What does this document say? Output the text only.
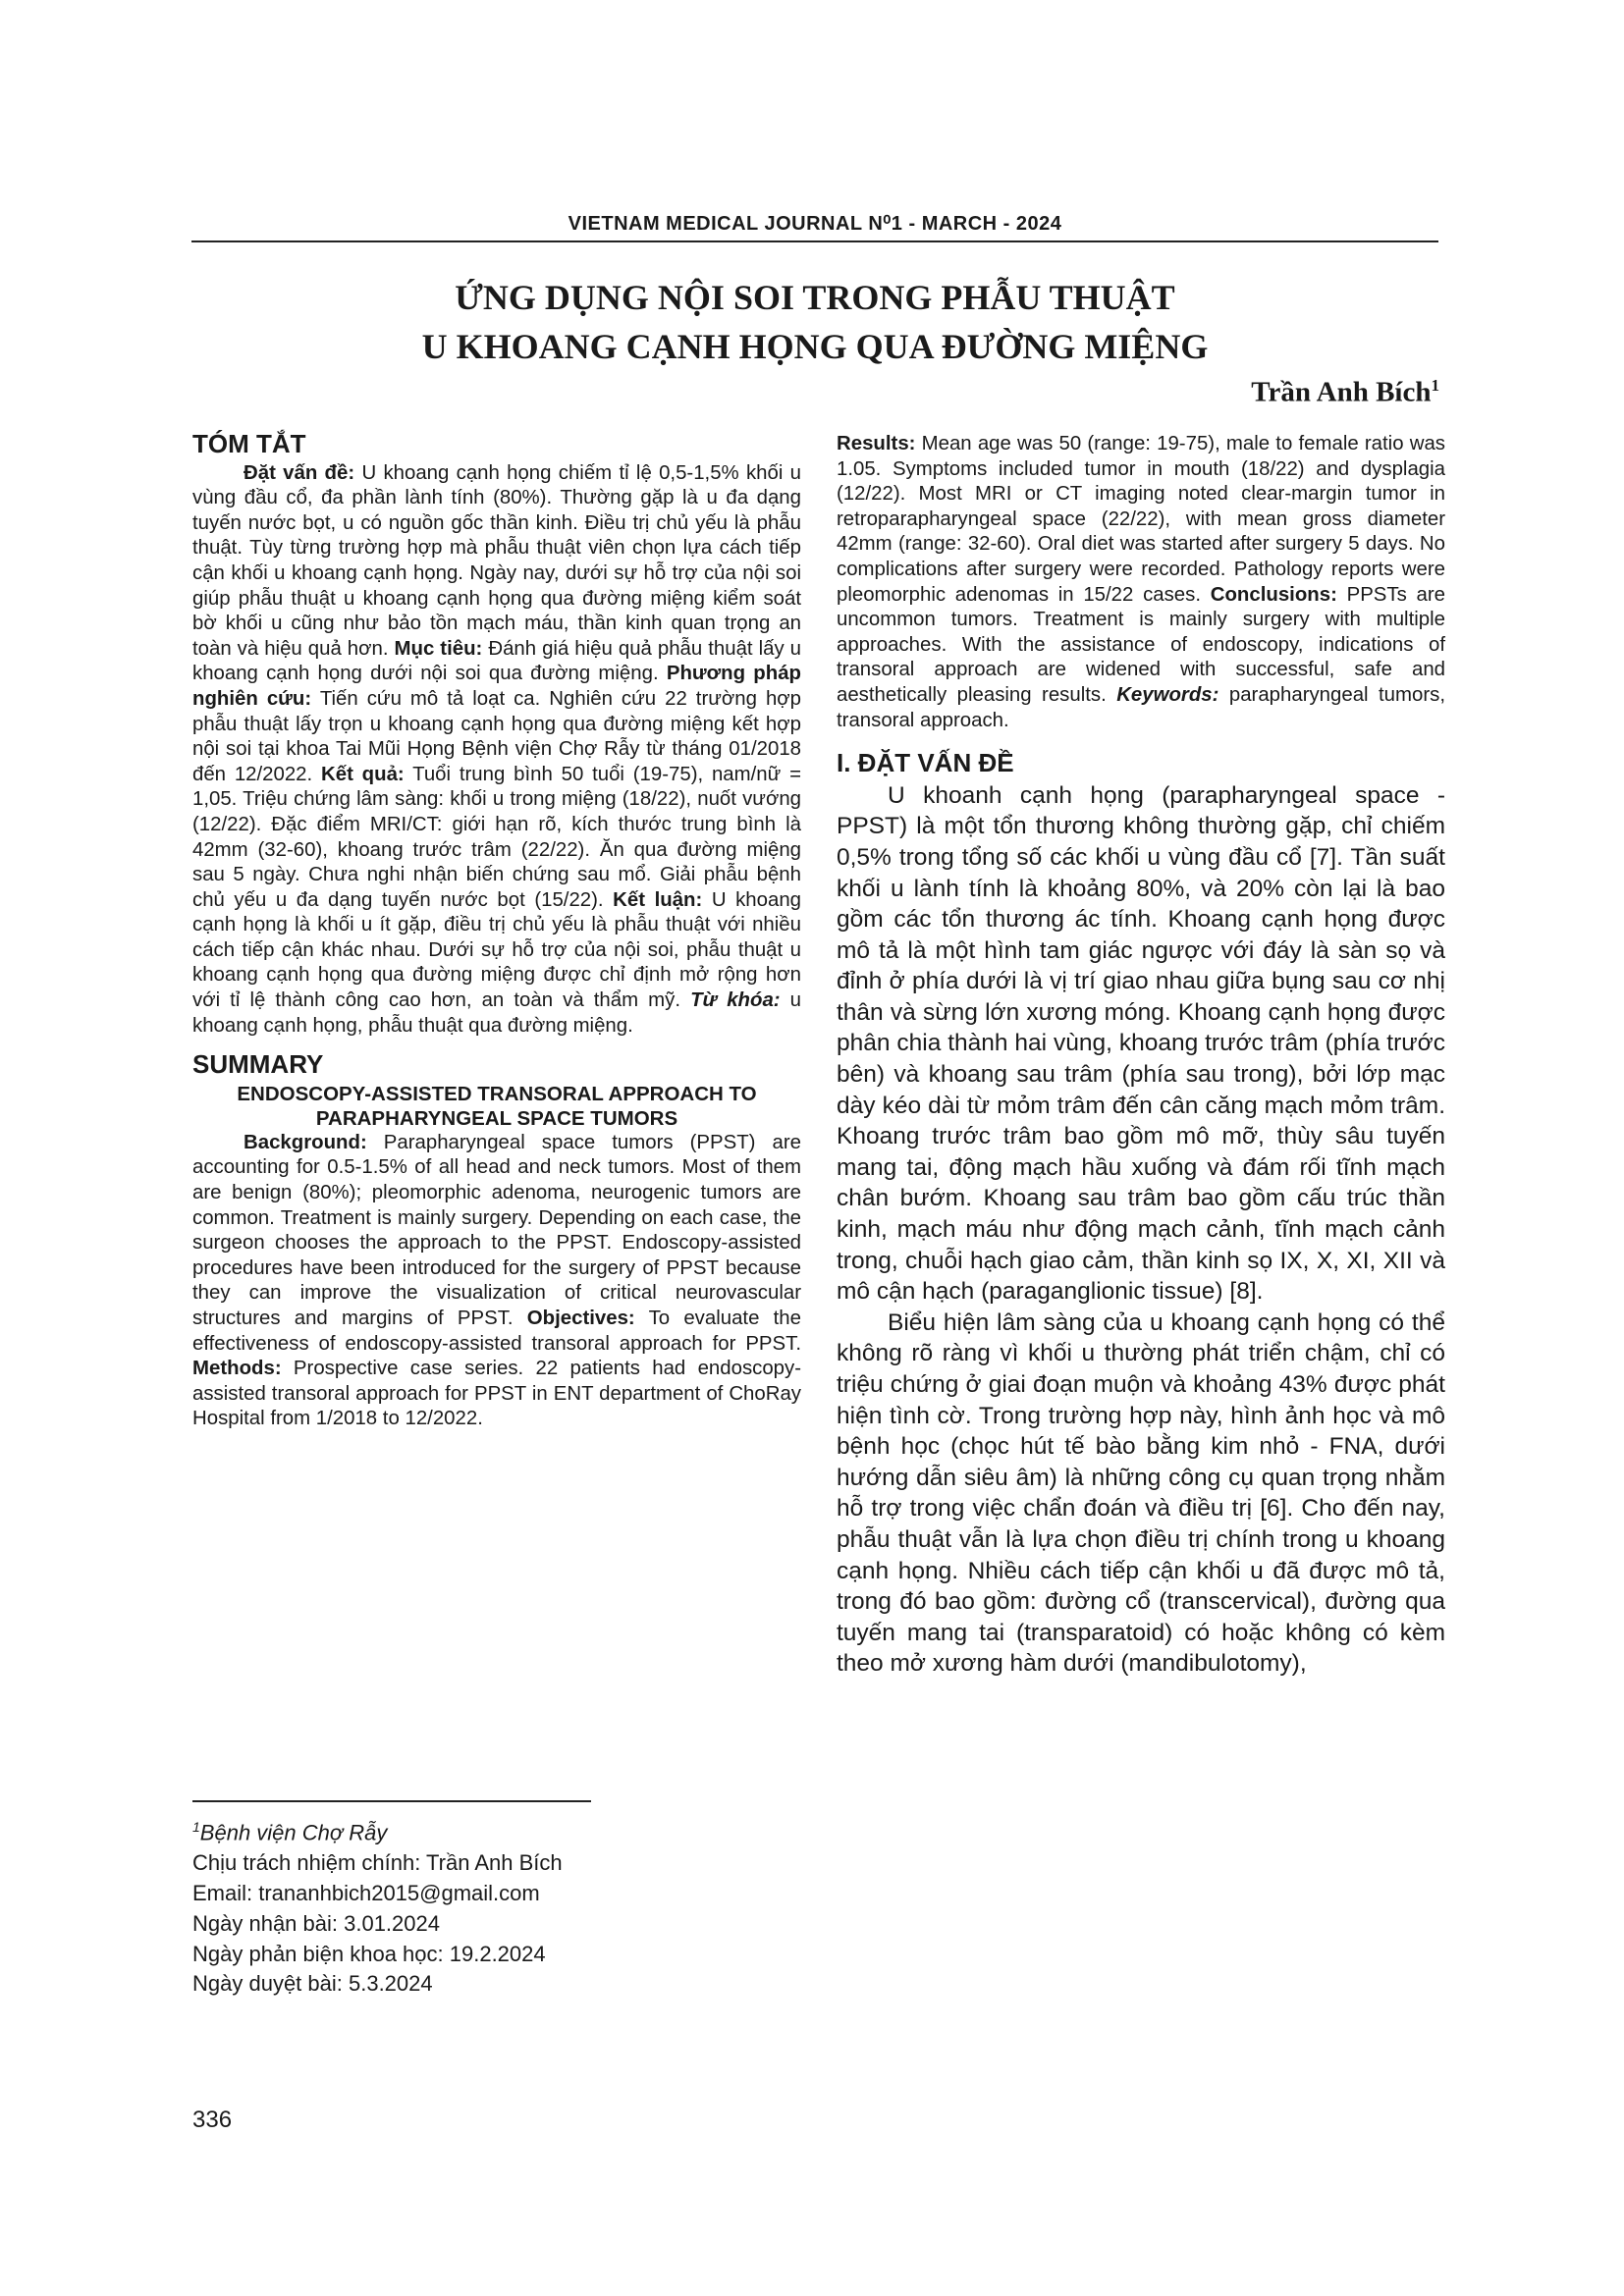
VIETNAM MEDICAL JOURNAL N⁰1 - MARCH - 2024
ỨNG DỤNG NỘI SOI TRONG PHẪU THUẬT
U KHOANG CẠNH HỌNG QUA ĐƯỜNG MIỆNG
Trần Anh Bích$^1$
TÓM TẮT

Đặt vấn đề: U khoang cạnh họng chiếm tỉ lệ 0,5-1,5% khối u vùng đầu cổ, đa phần lành tính (80%). Thường gặp là u đa dạng tuyến nước bọt, u có nguồn gốc thần kinh. Điều trị chủ yếu là phẫu thuật. Tùy từng trường hợp mà phẫu thuật viên chọn lựa cách tiếp cận khối u khoang cạnh họng. Ngày nay, dưới sự hỗ trợ của nội soi giúp phẫu thuật u khoang cạnh họng qua đường miệng kiểm soát bờ khối u cũng như bảo tồn mạch máu, thần kinh quan trọng an toàn và hiệu quả hơn. Mục tiêu: Đánh giá hiệu quả phẫu thuật lấy u khoang cạnh họng dưới nội soi qua đường miệng. Phương pháp nghiên cứu: Tiến cứu mô tả loạt ca. Nghiên cứu 22 trường hợp phẫu thuật lấy trọn u khoang cạnh họng qua đường miệng kết hợp nội soi tại khoa Tai Mũi Họng Bệnh viện Chợ Rẫy từ tháng 01/2018 đến 12/2022. Kết quả: Tuổi trung bình 50 tuổi (19-75), nam/nữ = 1,05. Triệu chứng lâm sàng: khối u trong miệng (18/22), nuốt vướng (12/22). Đặc điểm MRI/CT: giới hạn rõ, kích thước trung bình là 42mm (32-60), khoang trước trâm (22/22). Ăn qua đường miệng sau 5 ngày. Chưa nghi nhận biến chứng sau mổ. Giải phẫu bệnh chủ yếu u đa dạng tuyến nước bọt (15/22). Kết luận: U khoang cạnh họng là khối u ít gặp, điều trị chủ yếu là phẫu thuật với nhiều cách tiếp cận khác nhau. Dưới sự hỗ trợ của nội soi, phẫu thuật u khoang cạnh họng qua đường miệng được chỉ định mở rộng hơn với tỉ lệ thành công cao hơn, an toàn và thẩm mỹ. Từ khóa: u khoang cạnh họng, phẫu thuật qua đường miệng.

SUMMARY
ENDOSCOPY-ASSISTED TRANSORAL APPROACH TO PARAPHARYNGEAL SPACE TUMORS

Background: Parapharyngeal space tumors (PPST) are accounting for 0.5-1.5% of all head and neck tumors. Most of them are benign (80%); pleomorphic adenoma, neurogenic tumors are common. Treatment is mainly surgery. Depending on each case, the surgeon chooses the approach to the PPST. Endoscopy-assisted procedures have been introduced for the surgery of PPST because they can improve the visualization of critical neurovascular structures and margins of PPST. Objectives: To evaluate the effectiveness of endoscopy-assisted transoral approach for PPST. Methods: Prospective case series. 22 patients had endoscopy-assisted transoral approach for PPST in ENT department of ChoRay Hospital from 1/2018 to 12/2022.

Results: Mean age was 50 (range: 19-75), male to female ratio was 1.05. Symptoms included tumor in mouth (18/22) and dysplagia (12/22). Most MRI or CT imaging noted clear-margin tumor in retroparapharyngeal space (22/22), with mean gross diameter 42mm (range: 32-60). Oral diet was started after surgery 5 days. No complications after surgery were recorded. Pathology reports were pleomorphic adenomas in 15/22 cases. Conclusions: PPSTs are uncommon tumors. Treatment is mainly surgery with multiple approaches. With the assistance of endoscopy, indications of transoral approach are widened with successful, safe and aesthetically pleasing results. Keywords: parapharyngeal tumors, transoral approach.

I. ĐẶT VẤN ĐỀ

U khoanh cạnh họng (parapharyngeal space - PPST) là một tổn thương không thường gặp, chỉ chiếm 0,5% trong tổng số các khối u vùng đầu cổ [7]. Tần suất khối u lành tính là khoảng 80%, và 20% còn lại là bao gồm các tổn thương ác tính. Khoang cạnh họng được mô tả là một hình tam giác ngược với đáy là sàn sọ và đỉnh ở phía dưới là vị trí giao nhau giữa bụng sau cơ nhị thân và sừng lớn xương móng. Khoang cạnh họng được phân chia thành hai vùng, khoang trước trâm (phía trước bên) và khoang sau trâm (phía sau trong), bởi lớp mạc dày kéo dài từ mỏm trâm đến cân căng mạch mỏm trâm. Khoang trước trâm bao gồm mô mỡ, thùy sâu tuyến mang tai, động mạch hầu xuống và đám rối tĩnh mạch chân bướm. Khoang sau trâm bao gồm cấu trúc thần kinh, mạch máu như động mạch cảnh, tĩnh mạch cảnh trong, chuỗi hạch giao cảm, thần kinh sọ IX, X, XI, XII và mô cận hạch (paraganglionic tissue) [8].

Biểu hiện lâm sàng của u khoang cạnh họng có thể không rõ ràng vì khối u thường phát triển chậm, chỉ có triệu chứng ở giai đoạn muộn và khoảng 43% được phát hiện tình cờ. Trong trường hợp này, hình ảnh học và mô bệnh học (chọc hút tế bào bằng kim nhỏ - FNA, dưới hướng dẫn siêu âm) là những công cụ quan trọng nhằm hỗ trợ trong việc chẩn đoán và điều trị [6]. Cho đến nay, phẫu thuật vẫn là lựa chọn điều trị chính trong u khoang cạnh họng. Nhiều cách tiếp cận khối u đã được mô tả, trong đó bao gồm: đường cổ (transcervical), đường qua tuyến mang tai (transparatoid) có hoặc không có kèm theo mở xương hàm dưới (mandibulotomy),

$^1$Bệnh viện Chợ Rẫy
Chịu trách nhiệm chính: Trần Anh Bích
Email: trananhbich2015@gmail.com
Ngày nhận bài: 3.01.2024
Ngày phản biện khoa học: 19.2.2024
Ngày duyệt bài: 5.3.2024
336
